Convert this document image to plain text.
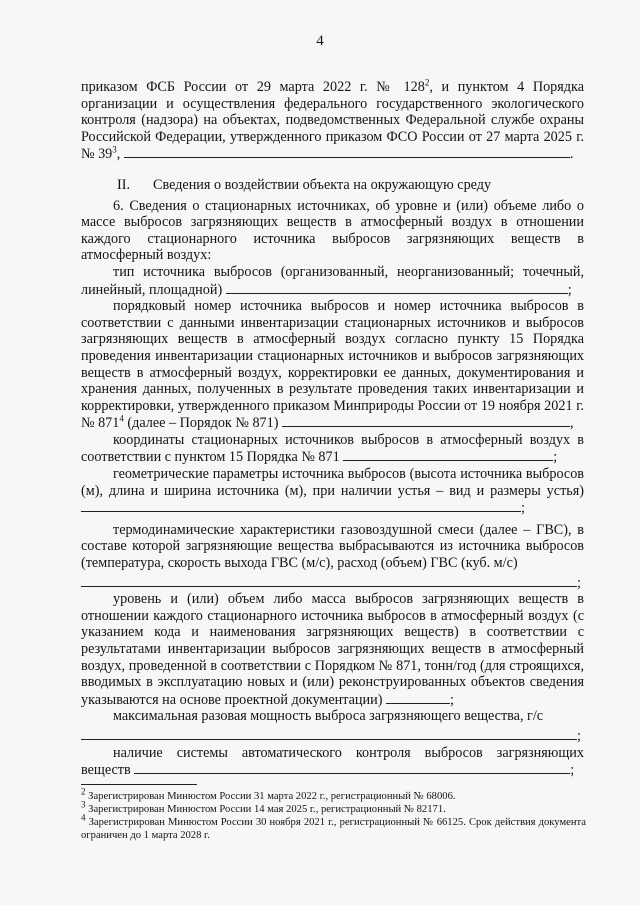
4

приказом ФСБ России от 29 марта 2022 г. № $128^2$, и пунктом 4 Порядка организации и осуществления федерального государственного экологического контроля (надзора) на объектах, подведомственных Федеральной службе охраны Российской Федерации, утвержденного приказом ФСО России от 27 марта 2025 г. № $39^3$,	.

II. Сведения о воздействии объекта на окружающую среду

6. Сведения о стационарных источниках, об уровне и (или) объеме либо о массе выбросов загрязняющих веществ в атмосферный воздух в отношении каждого стационарного источника выбросов загрязняющих веществ в атмосферный воздух:

тип источника выбросов (организованный, неорганизованный; точечный, линейный, площадной)	;

порядковый номер источника выбросов и номер источника выбросов в соответствии с данными инвентаризации стационарных источников и выбросов загрязняющих веществ в атмосферный воздух согласно пункту 15 Порядка проведения инвентаризации стационарных источников и выбросов загрязняющих веществ в атмосферный воздух, корректировки ее данных, документирования и хранения данных, полученных в результате проведения таких инвентаризации и корректировки, утвержденного приказом Минприроды России от 19 ноября 2021 г. № $871^4$ (далее – Порядок № 871)	,

координаты стационарных источников выбросов в атмосферный воздух в соответствии с пунктом 15 Порядка № 871	;

геометрические параметры источника выбросов (высота источника выбросов (м), длина и ширина источника (м), при наличии устья – вид и размеры устья) ;

термодинамические характеристики газовоздушной смеси (далее – ГВС), в составе которой загрязняющие вещества выбрасываются из источника выбросов (температура, скорость выхода ГВС (м/с), расход (объем) ГВС (куб. м/с)

;

уровень и (или) объем либо масса выбросов загрязняющих веществ в отношении каждого стационарного источника выбросов в атмосферный воздух (с указанием кода и наименования загрязняющих веществ) в соответствии с результатами инвентаризации выбросов загрязняющих веществ в атмосферный воздух, проведенной в соответствии с Порядком № 871, тонн/год (для строящихся, вводимых в эксплуатацию новых и (или) реконструированных объектов сведения указываются на основе проектной документации)	;

максимальная разовая мощность выброса загрязняющего вещества, г/с

;

наличие системы автоматического контроля выбросов загрязняющих веществ	;

$^2$ Зарегистрирован Минюстом России 31 марта 2022 г., регистрационный № 68006.

$^3$ Зарегистрирован Минюстом России 14 мая 2025 г., регистрационный № 82171.

$^4$ Зарегистрирован Минюстом России 30 ноября 2021 г., регистрационный № 66125. Срок действия документа ограничен до 1 марта 2028 г.
